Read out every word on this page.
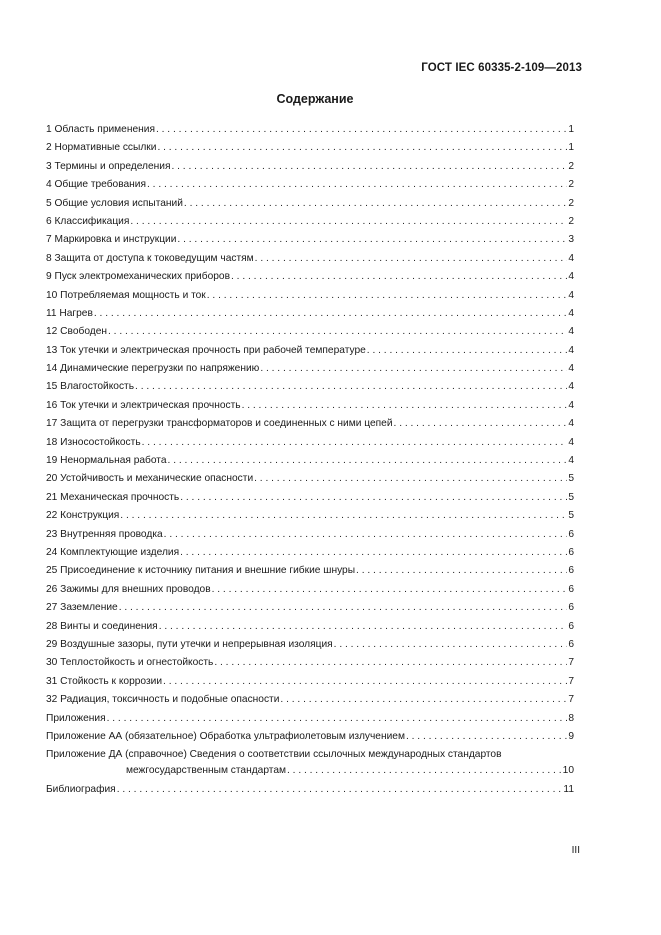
ГОСТ IEC 60335-2-109—2013
Содержание
1 Область применения . . .	1
2 Нормативные ссылки . . .	1
3 Термины и определения . . .	2
4 Общие требования . . .	2
5 Общие условия испытаний . . .	2
6 Классификация . . .	2
7 Маркировка и инструкции . . .	3
8 Защита от доступа к токоведущим частям . . .	4
9 Пуск электромеханических приборов . . .	4
10 Потребляемая мощность и ток . . .	4
11 Нагрев . . .	4
12 Свободен . . .	4
13 Ток утечки и электрическая прочность при рабочей температуре . . .	4
14 Динамические перегрузки по напряжению . . .	4
15 Влагостойкость . . .	4
16 Ток утечки и электрическая прочность . . .	4
17 Защита от перегрузки трансформаторов и соединенных с ними цепей . . .	4
18 Износостойкость . . .	4
19 Ненормальная работа . . .	4
20 Устойчивость и механические опасности . . .	5
21 Механическая прочность . . .	5
22 Конструкция . . .	5
23 Внутренняя проводка . . .	6
24 Комплектующие изделия . . .	6
25 Присоединение к источнику питания и внешние гибкие шнуры . . .	6
26 Зажимы для внешних проводов . . .	6
27 Заземление . . .	6
28 Винты и соединения . . .	6
29 Воздушные зазоры, пути утечки и непрерывная изоляция . . .	6
30 Теплостойкость и огнестойкость . . .	7
31 Стойкость к коррозии . . .	7
32 Радиация, токсичность и подобные опасности . . .	7
Приложения . . .	8
Приложение АА (обязательное) Обработка ультрафиолетовым излучением . . .	9
Приложение ДА (справочное) Сведения о соответствии ссылочных международных стандартов
межгосударственным стандартам . . .	10
Библиография . . .	11
III
